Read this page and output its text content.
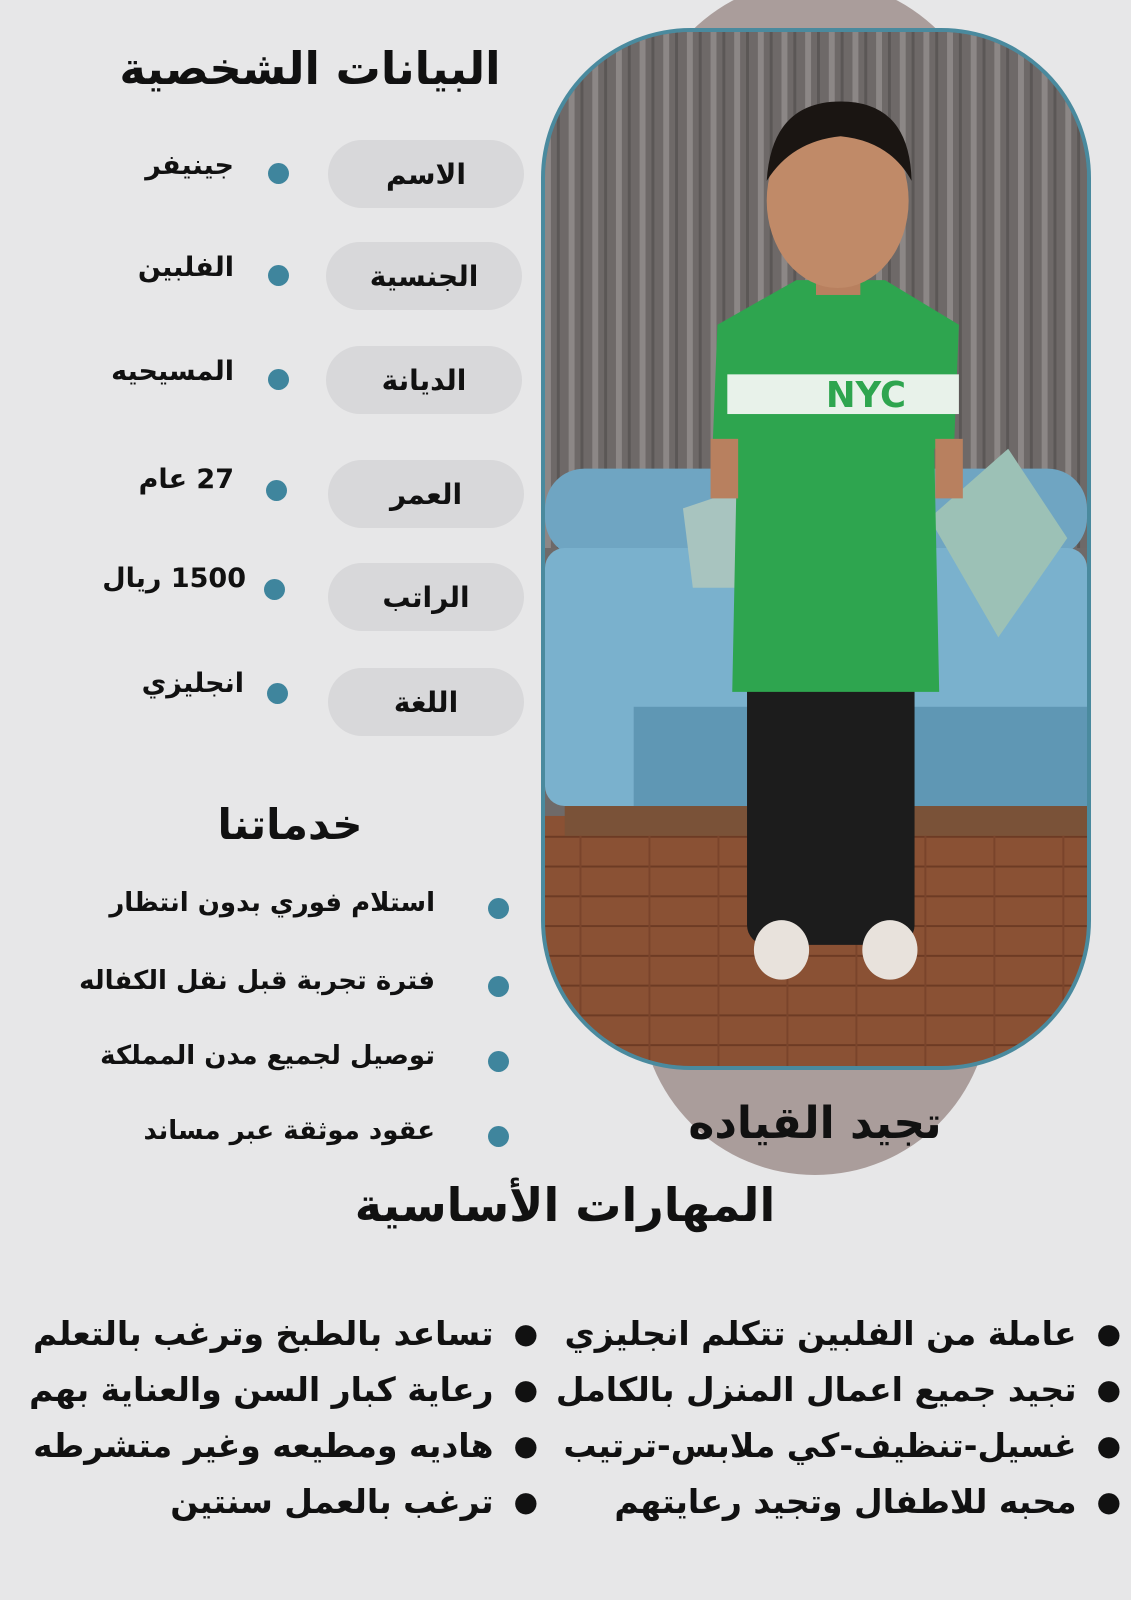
NYC

تجيد القياده

البيانات الشخصية
الاسم
جينيفر
الجنسية
الفلبين
الديانة
المسيحيه
العمر
27 عام
الراتب
1500 ريال
اللغة
انجليزي
خدماتنا
استلام فوري بدون انتظار
فترة تجربة قبل نقل الكفاله
توصيل لجميع مدن المملكة
عقود موثقة عبر مساند
المهارات الأساسية
●
عاملة من الفلبين تتكلم انجليزي
●
تجيد جميع اعمال المنزل بالكامل
●
غسيل-تنظيف-كي ملابس-ترتيب
●
محبه للاطفال وتجيد رعايتهم
●
تساعد بالطبخ وترغب بالتعلم
●
رعاية كبار السن والعناية بهم
●
هاديه ومطيعه وغير متشرطه
●
ترغب بالعمل سنتين
